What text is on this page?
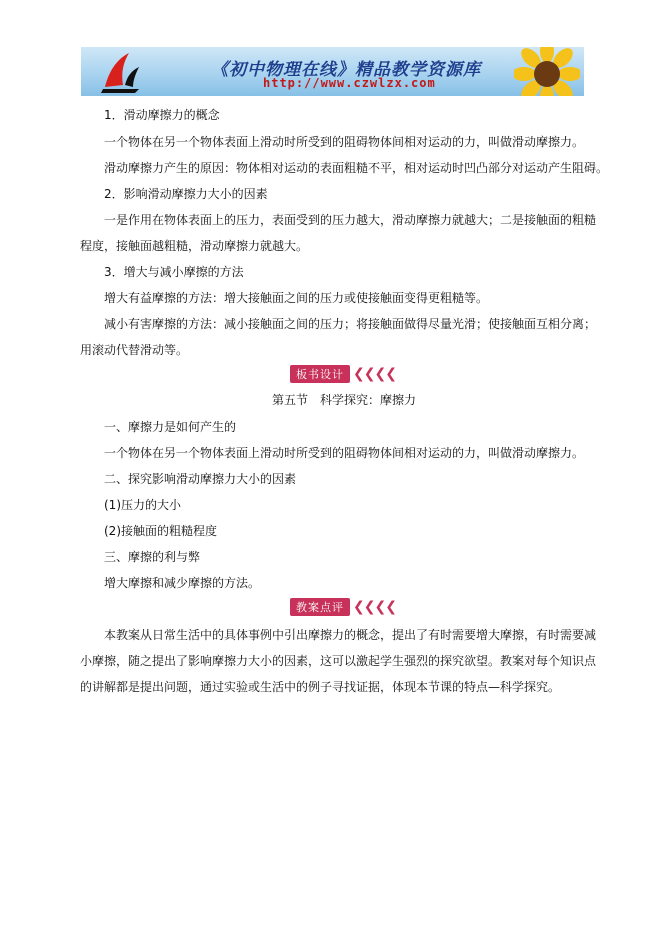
《初中物理在线》精品教学资源库
http://www.czwlzx.com
1．滑动摩擦力的概念
一个物体在另一个物体表面上滑动时所受到的阻碍物体间相对运动的力，叫做滑动摩擦力。
滑动摩擦力产生的原因：物体相对运动的表面粗糙不平，相对运动时凹凸部分对运动产生阻碍。
2．影响滑动摩擦力大小的因素
一是作用在物体表面上的压力，表面受到的压力越大，滑动摩擦力就越大；二是接触面的粗糙
程度，接触面越粗糙，滑动摩擦力就越大。
3．增大与减小摩擦的方法
增大有益摩擦的方法：增大接触面之间的压力或使接触面变得更粗糙等。
减小有害摩擦的方法：减小接触面之间的压力；将接触面做得尽量光滑；使接触面互相分离；
用滚动代替滑动等。
板书设计 ❮❮❮❮
第五节　科学探究：摩擦力
一、摩擦力是如何产生的
一个物体在另一个物体表面上滑动时所受到的阻碍物体间相对运动的力，叫做滑动摩擦力。
二、探究影响滑动摩擦力大小的因素
(1)压力的大小
(2)接触面的粗糙程度
三、摩擦的利与弊
增大摩擦和减少摩擦的方法。
教案点评 ❮❮❮❮
本教案从日常生活中的具体事例中引出摩擦力的概念，提出了有时需要增大摩擦，有时需要减
小摩擦，随之提出了影响摩擦力大小的因素，这可以激起学生强烈的探究欲望。教案对每个知识点
的讲解都是提出问题，通过实验或生活中的例子寻找证据，体现本节课的特点—科学探究。
